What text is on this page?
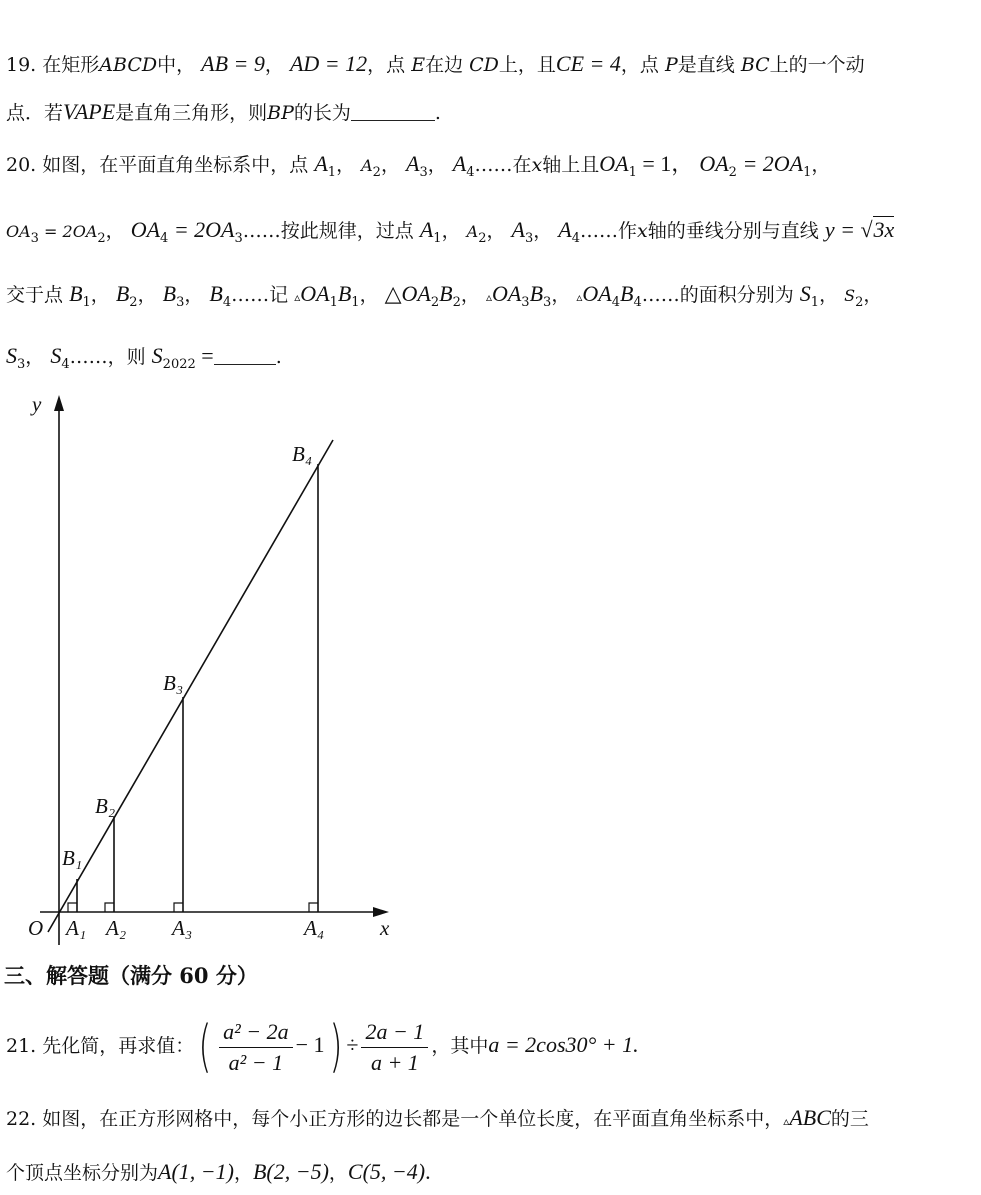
19. 在矩形ABCD中， AB = 9， AD = 12，点 E在边 CD上，且CE = 4，点 P是直线 BC上的一个动
点．若VAPE是直角三角形，则BP的长为	.
20. 如图，在平面直角坐标系中，点 $A_1$， $A_2$， $A_3$， $A_4\dots\dots$在x轴上且$OA_1 = 1$， $OA_2 = 2OA_1$，
$OA_3 = 2OA_2$， $OA_4$ = $2OA_3\dots\dots$按此规律，过点 $A_1$， $A_2$， $A_3$， $A_4\dots\dots$作x轴的垂线分别与直线 y = √3x
交于点 $B_1$， $B_2$， $B_3$， $B_4\dots\dots$记 $▵OA_1B_1$， $\triangle OA_2B_2$， $▵OA_3B_3$， $▵OA_4B_4\dots\dots$的面积分别为 $S_1$， $S_2$，
$S_3$， $S_4\dots\dots$，则 $S_{2022}$ =	.
y
x
O
B₁
B₂
B₃
B₄
A₁ A₂ A₃	A₄
三、解答题（满分 60 分）
21. 先化简，再求值：( $\frac{\text{a² − 2a}}{\text{a² − 1}} - 1) \div \frac{2a - 1}{a + 1}$ ，其中a = 2cos30° + 1.
22. 如图，在正方形网格中，每个小正方形的边长都是一个单位长度，在平面直角坐标系中，▵ABC的三
个顶点坐标分别为A(1, −1)，B(2, −5)，C(5, −4).
